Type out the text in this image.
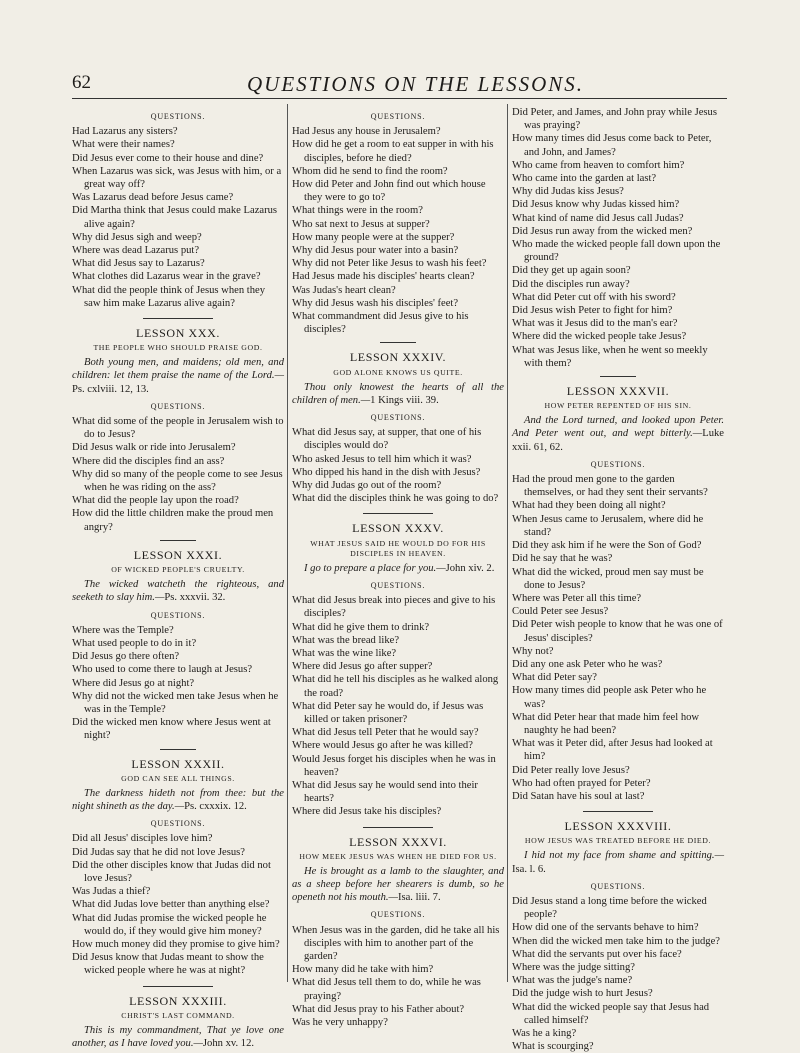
62	QUESTIONS ON THE LESSONS.
QUESTIONS.
Had Lazarus any sisters?
What were their names?
Did Jesus ever come to their house and dine?
When Lazarus was sick, was Jesus with him, or a great way off?
Was Lazarus dead before Jesus came?
Did Martha think that Jesus could make Lazarus alive again?
Why did Jesus sigh and weep?
Where was dead Lazarus put?
What did Jesus say to Lazarus?
What clothes did Lazarus wear in the grave?
What did the people think of Jesus when they saw him make Lazarus alive again?
LESSON XXX.
THE PEOPLE WHO SHOULD PRAISE GOD.

Both young men, and maidens; old men, and children: let them praise the name of the Lord.—Ps. cxlviii. 12, 13.

QUESTIONS.
What did some of the people in Jerusalem wish to do to Jesus?
Did Jesus walk or ride into Jerusalem?
Where did the disciples find an ass?
Why did so many of the people come to see Jesus when he was riding on the ass?
What did the people lay upon the road?
How did the little children make the proud men angry?
LESSON XXXI.
OF WICKED PEOPLE'S CRUELTY.

The wicked watcheth the righteous, and seeketh to slay him.—Ps. xxxvii. 32.

QUESTIONS.
Where was the Temple?
What used people to do in it?
Did Jesus go there often?
Who used to come there to laugh at Jesus?
Where did Jesus go at night?
Why did not the wicked men take Jesus when he was in the Temple?
Did the wicked men know where Jesus went at night?
LESSON XXXII.
GOD CAN SEE ALL THINGS.

The darkness hideth not from thee: but the night shineth as the day.—Ps. cxxxix. 12.

QUESTIONS.
Did all Jesus' disciples love him?
Did Judas say that he did not love Jesus?
Did the other disciples know that Judas did not love Jesus?
Was Judas a thief?
What did Judas love better than anything else?
What did Judas promise the wicked people he would do, if they would give him money?
How much money did they promise to give him?
Did Jesus know that Judas meant to show the wicked people where he was at night?
LESSON XXXIII.
CHRIST'S LAST COMMAND.

This is my commandment, That ye love one another, as I have loved you.—John xv. 12.

QUESTIONS.
Had Jesus any house in Jerusalem?
How did he get a room to eat supper in with his disciples, before he died?
Whom did he send to find the room?
How did Peter and John find out which house they were to go to?
What things were in the room?
Who sat next to Jesus at supper?
How many people were at the supper?
Why did Jesus pour water into a basin?
Why did not Peter like Jesus to wash his feet?
Had Jesus made his disciples' hearts clean?
Was Judas's heart clean?
Why did Jesus wash his disciples' feet?
What commandment did Jesus give to his disciples?
LESSON XXXIV.
GOD ALONE KNOWS US QUITE.

Thou only knowest the hearts of all the children of men.—1 Kings viii. 39.

QUESTIONS.
What did Jesus say, at supper, that one of his disciples would do?
Who asked Jesus to tell him which it was?
Who dipped his hand in the dish with Jesus?
Why did Judas go out of the room?
What did the disciples think he was going to do?
LESSON XXXV.
WHAT JESUS SAID HE WOULD DO FOR HIS DISCIPLES IN HEAVEN.

I go to prepare a place for you.—John xiv. 2.

QUESTIONS.
What did Jesus break into pieces and give to his disciples?
What did he give them to drink?
What was the bread like?
What was the wine like?
Where did Jesus go after supper?
What did he tell his disciples as he walked along the road?
What did Peter say he would do, if Jesus was killed or taken prisoner?
What did Jesus tell Peter that he would say?
Where would Jesus go after he was killed?
Would Jesus forget his disciples when he was in heaven?
What did Jesus say he would send into their hearts?
Where did Jesus take his disciples?
LESSON XXXVI.
HOW MEEK JESUS WAS WHEN HE DIED FOR US.

He is brought as a lamb to the slaughter, and as a sheep before her shearers is dumb, so he openeth not his mouth.—Isa. liii. 7.

QUESTIONS.
When Jesus was in the garden, did he take all his disciples with him to another part of the garden?
How many did he take with him?
What did Jesus tell them to do, while he was praying?
What did Jesus pray to his Father about?
Was he very unhappy?
Did Peter, and James, and John pray while Jesus was praying?
How many times did Jesus come back to Peter, and John, and James?
Who came from heaven to comfort him?
Who came into the garden at last?
Why did Judas kiss Jesus?
Did Jesus know why Judas kissed him?
What kind of name did Jesus call Judas?
Did Jesus run away from the wicked men?
Who made the wicked people fall down upon the ground?
Did they get up again soon?
Did the disciples run away?
What did Peter cut off with his sword?
Did Jesus wish Peter to fight for him?
What was it Jesus did to the man's ear?
Where did the wicked people take Jesus?
What was Jesus like, when he went so meekly with them?
LESSON XXXVII.
HOW PETER REPENTED OF HIS SIN.

And the Lord turned, and looked upon Peter. And Peter went out, and wept bitterly.—Luke xxii. 61, 62.

QUESTIONS.
Had the proud men gone to the garden themselves, or had they sent their servants?
What had they been doing all night?
When Jesus came to Jerusalem, where did he stand?
Did they ask him if he were the Son of God?
Did he say that he was?
What did the wicked, proud men say must be done to Jesus?
Where was Peter all this time?
Could Peter see Jesus?
Did Peter wish people to know that he was one of Jesus' disciples?
Why not?
Did any one ask Peter who he was?
What did Peter say?
How many times did people ask Peter who he was?
What did Peter hear that made him feel how naughty he had been?
What was it Peter did, after Jesus had looked at him?
Did Peter really love Jesus?
Who had often prayed for Peter?
Did Satan have his soul at last?
LESSON XXXVIII.
HOW JESUS WAS TREATED BEFORE HE DIED.

I hid not my face from shame and spitting.—Isa. l. 6.

QUESTIONS.
Did Jesus stand a long time before the wicked people?
How did one of the servants behave to him?
When did the wicked men take him to the judge?
What did the servants put over his face?
Where was the judge sitting?
What was the judge's name?
Did the judge wish to hurt Jesus?
What did the wicked people say that Jesus had called himself?
Was he a king?
What is scourging?
